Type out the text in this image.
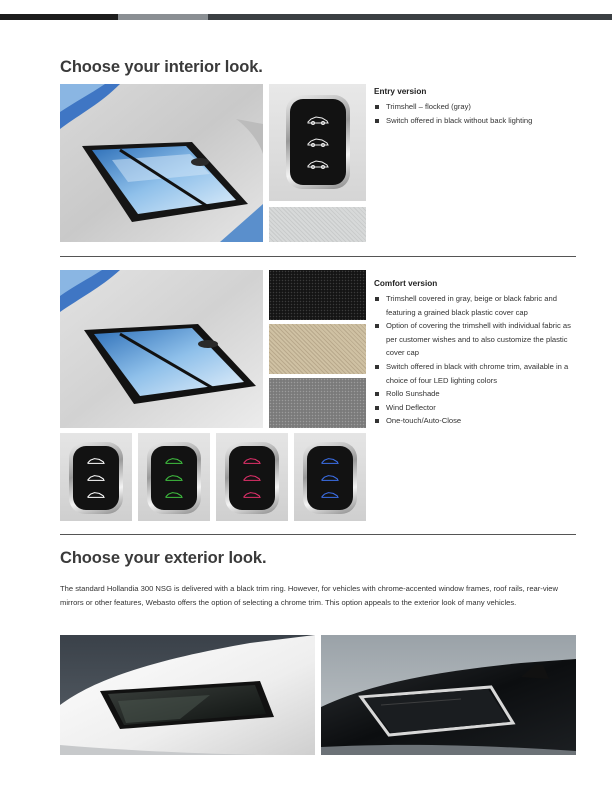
Choose your interior look.
Entry version
Trimshell – flocked (gray)
Switch offered in black without back lighting
Comfort version
Trimshell covered in gray, beige or black fabric and featuring a grained black plastic cover cap
Option of covering the trimshell with individual fabric as per customer wishes and to also customize the plastic cover cap
Switch offered in black with chrome trim, available in a choice of four LED lighting colors
Rollo Sunshade
Wind Deflector
One-touch/Auto-Close
Choose your exterior look.

The standard Hollandia 300 NSG is delivered with a black trim ring. However, for vehicles with chrome-accented window frames, roof rails, rear-view mirrors or other features, Webasto offers the option of selecting a chrome trim. This option appeals to the exterior look of many vehicles.
